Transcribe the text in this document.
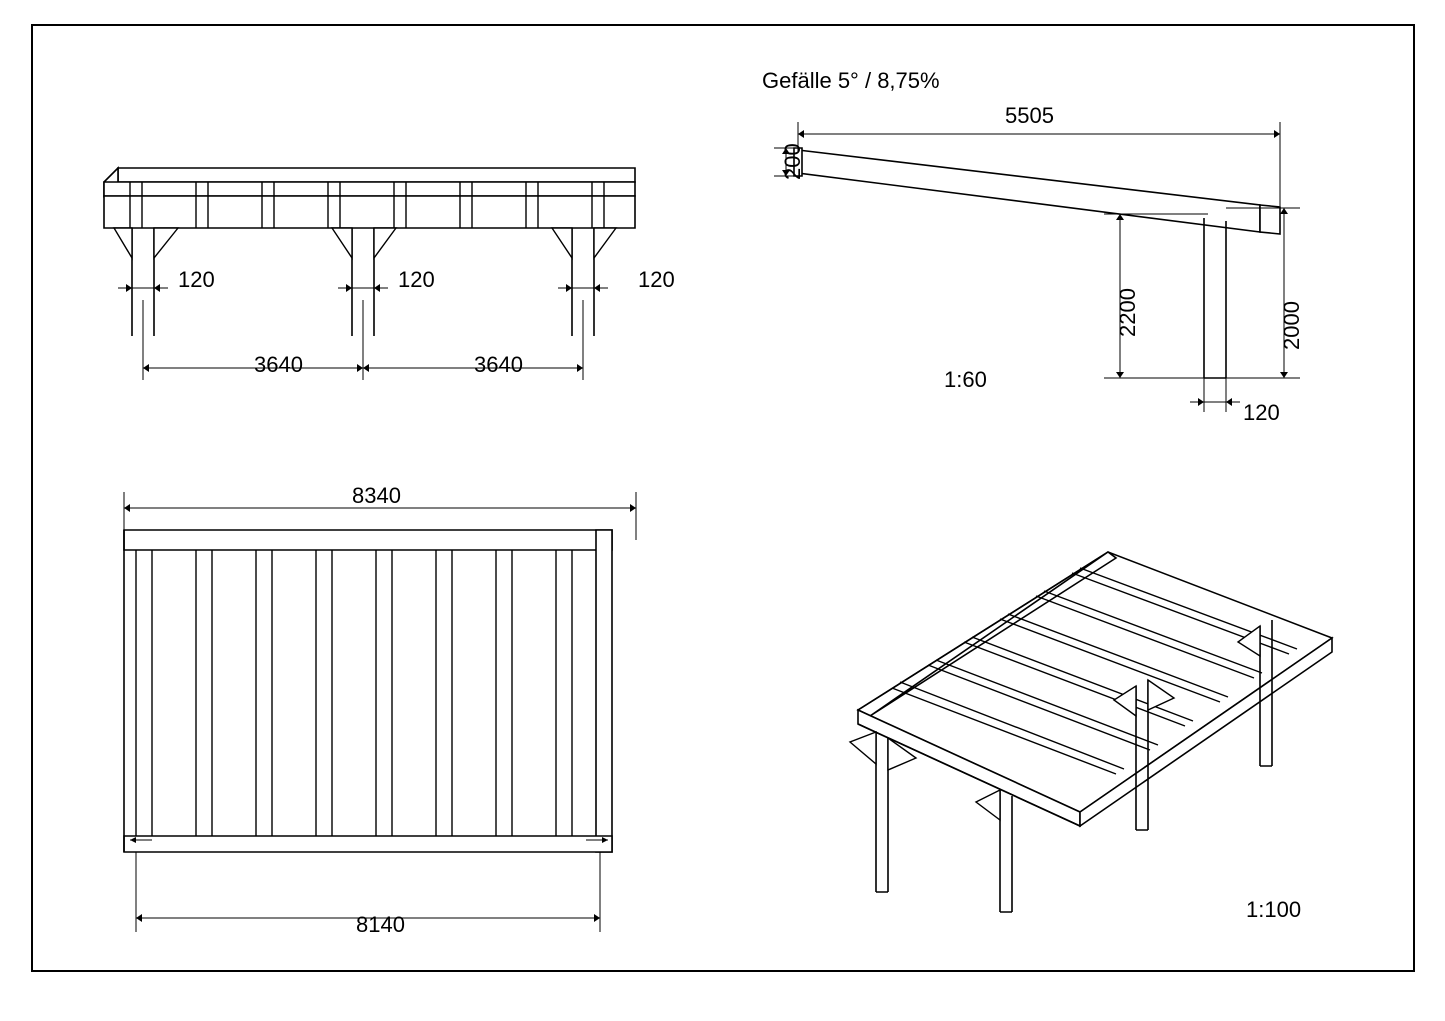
120	120	120
3640	3640
Gefälle 5° / 8,75%
1:60
5505
200
2200	2000
120
8340
8140
1:100
